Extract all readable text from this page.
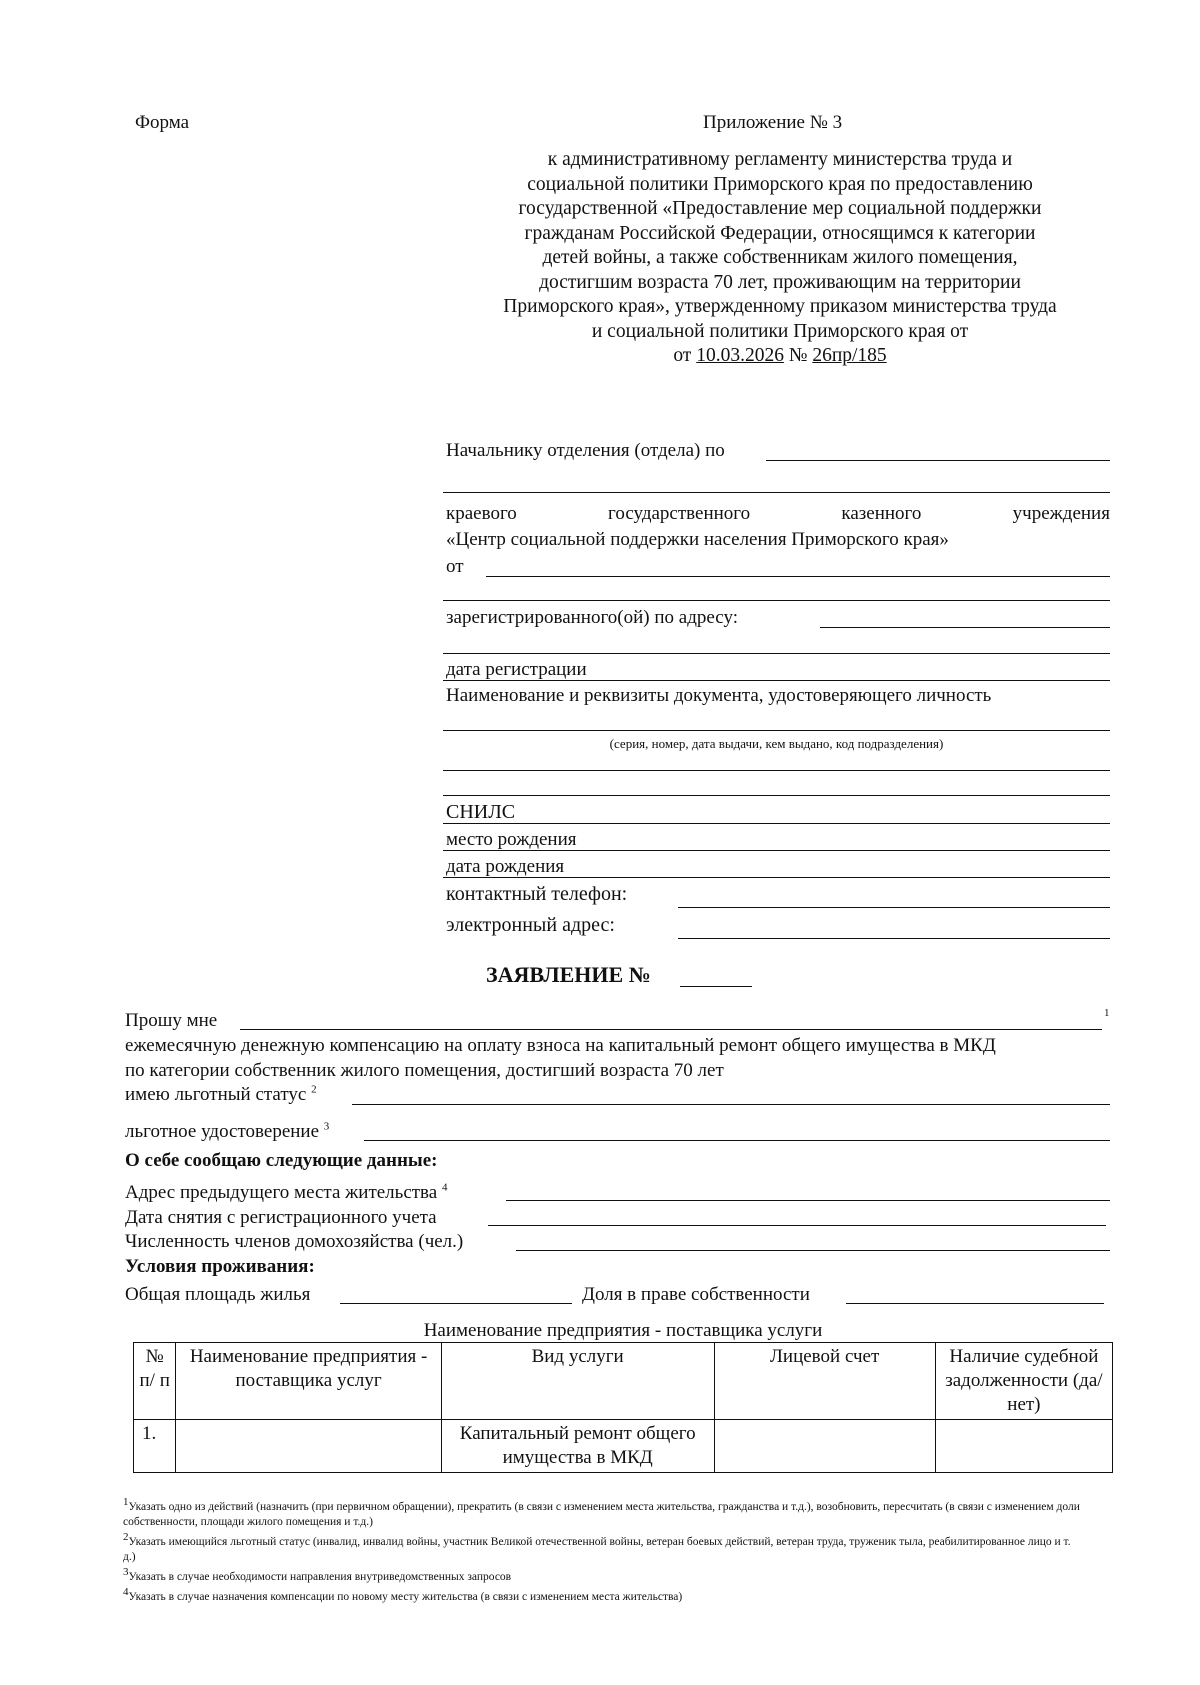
Форма	Приложение № 3
к административному регламенту министерства труда и
социальной политики Приморского края по предоставлению
государственной «Предоставление мер социальной поддержки
гражданам Российской Федерации, относящимся к категории
детей войны, а также собственникам жилого помещения,
достигшим возраста 70 лет, проживающим на территории
Приморского края», утвержденному приказом министерства труда
и социальной политики Приморского края от
от 10.03.2026 № 26пр/185
Начальнику отделения (отдела) по
краевого	государственного	казенного	учреждения
«Центр социальной поддержки населения Приморского края»
от
зарегистрированного(ой) по адресу:
дата регистрации
Наименование и реквизиты документа, удостоверяющего личность
(серия, номер, дата выдачи, кем выдано, код подразделения)
СНИЛС
место рождения
дата рождения
контактный телефон:
электронный адрес:
ЗАЯВЛЕНИЕ №
Прошу мне	1
ежемесячную денежную компенсацию на оплату взноса на капитальный ремонт общего имущества в МКД
по категории собственник жилого помещения, достигший возраста 70 лет
имею льготный статус $^2$
льготное удостоверение $^3$
О себе сообщаю следующие данные:
Адрес предыдущего места жительства $^4$
Дата снятия с регистрационного учета
Численность членов домохозяйства (чел.)
Условия проживания:
Общая площадь жилья	Доля в праве собственности
Наименование предприятия - поставщика услуги
№ п/ п	Наименование предприятия - поставщика услуг	Вид услуги	Лицевой счет	Наличие судебной задолженности (да/нет)
1.		Капитальный ремонт общего имущества в МКД		
$^1$Указать одно из действий (назначить (при первичном обращении), прекратить (в связи с изменением места жительства, гражданства и т.д.), возобновить, пересчитать (в связи с изменением доли собственности, площади жилого помещения и т.д.)
$^2$Указать имеющийся льготный статус (инвалид, инвалид войны, участник Великой отечественной войны, ветеран боевых действий, ветеран труда, труженик тыла, реабилитированное лицо и т. д.)
$^3$Указать в случае необходимости направления внутриведомственных запросов
$^4$Указать в случае назначения компенсации по новому месту жительства (в связи с изменением места жительства)
